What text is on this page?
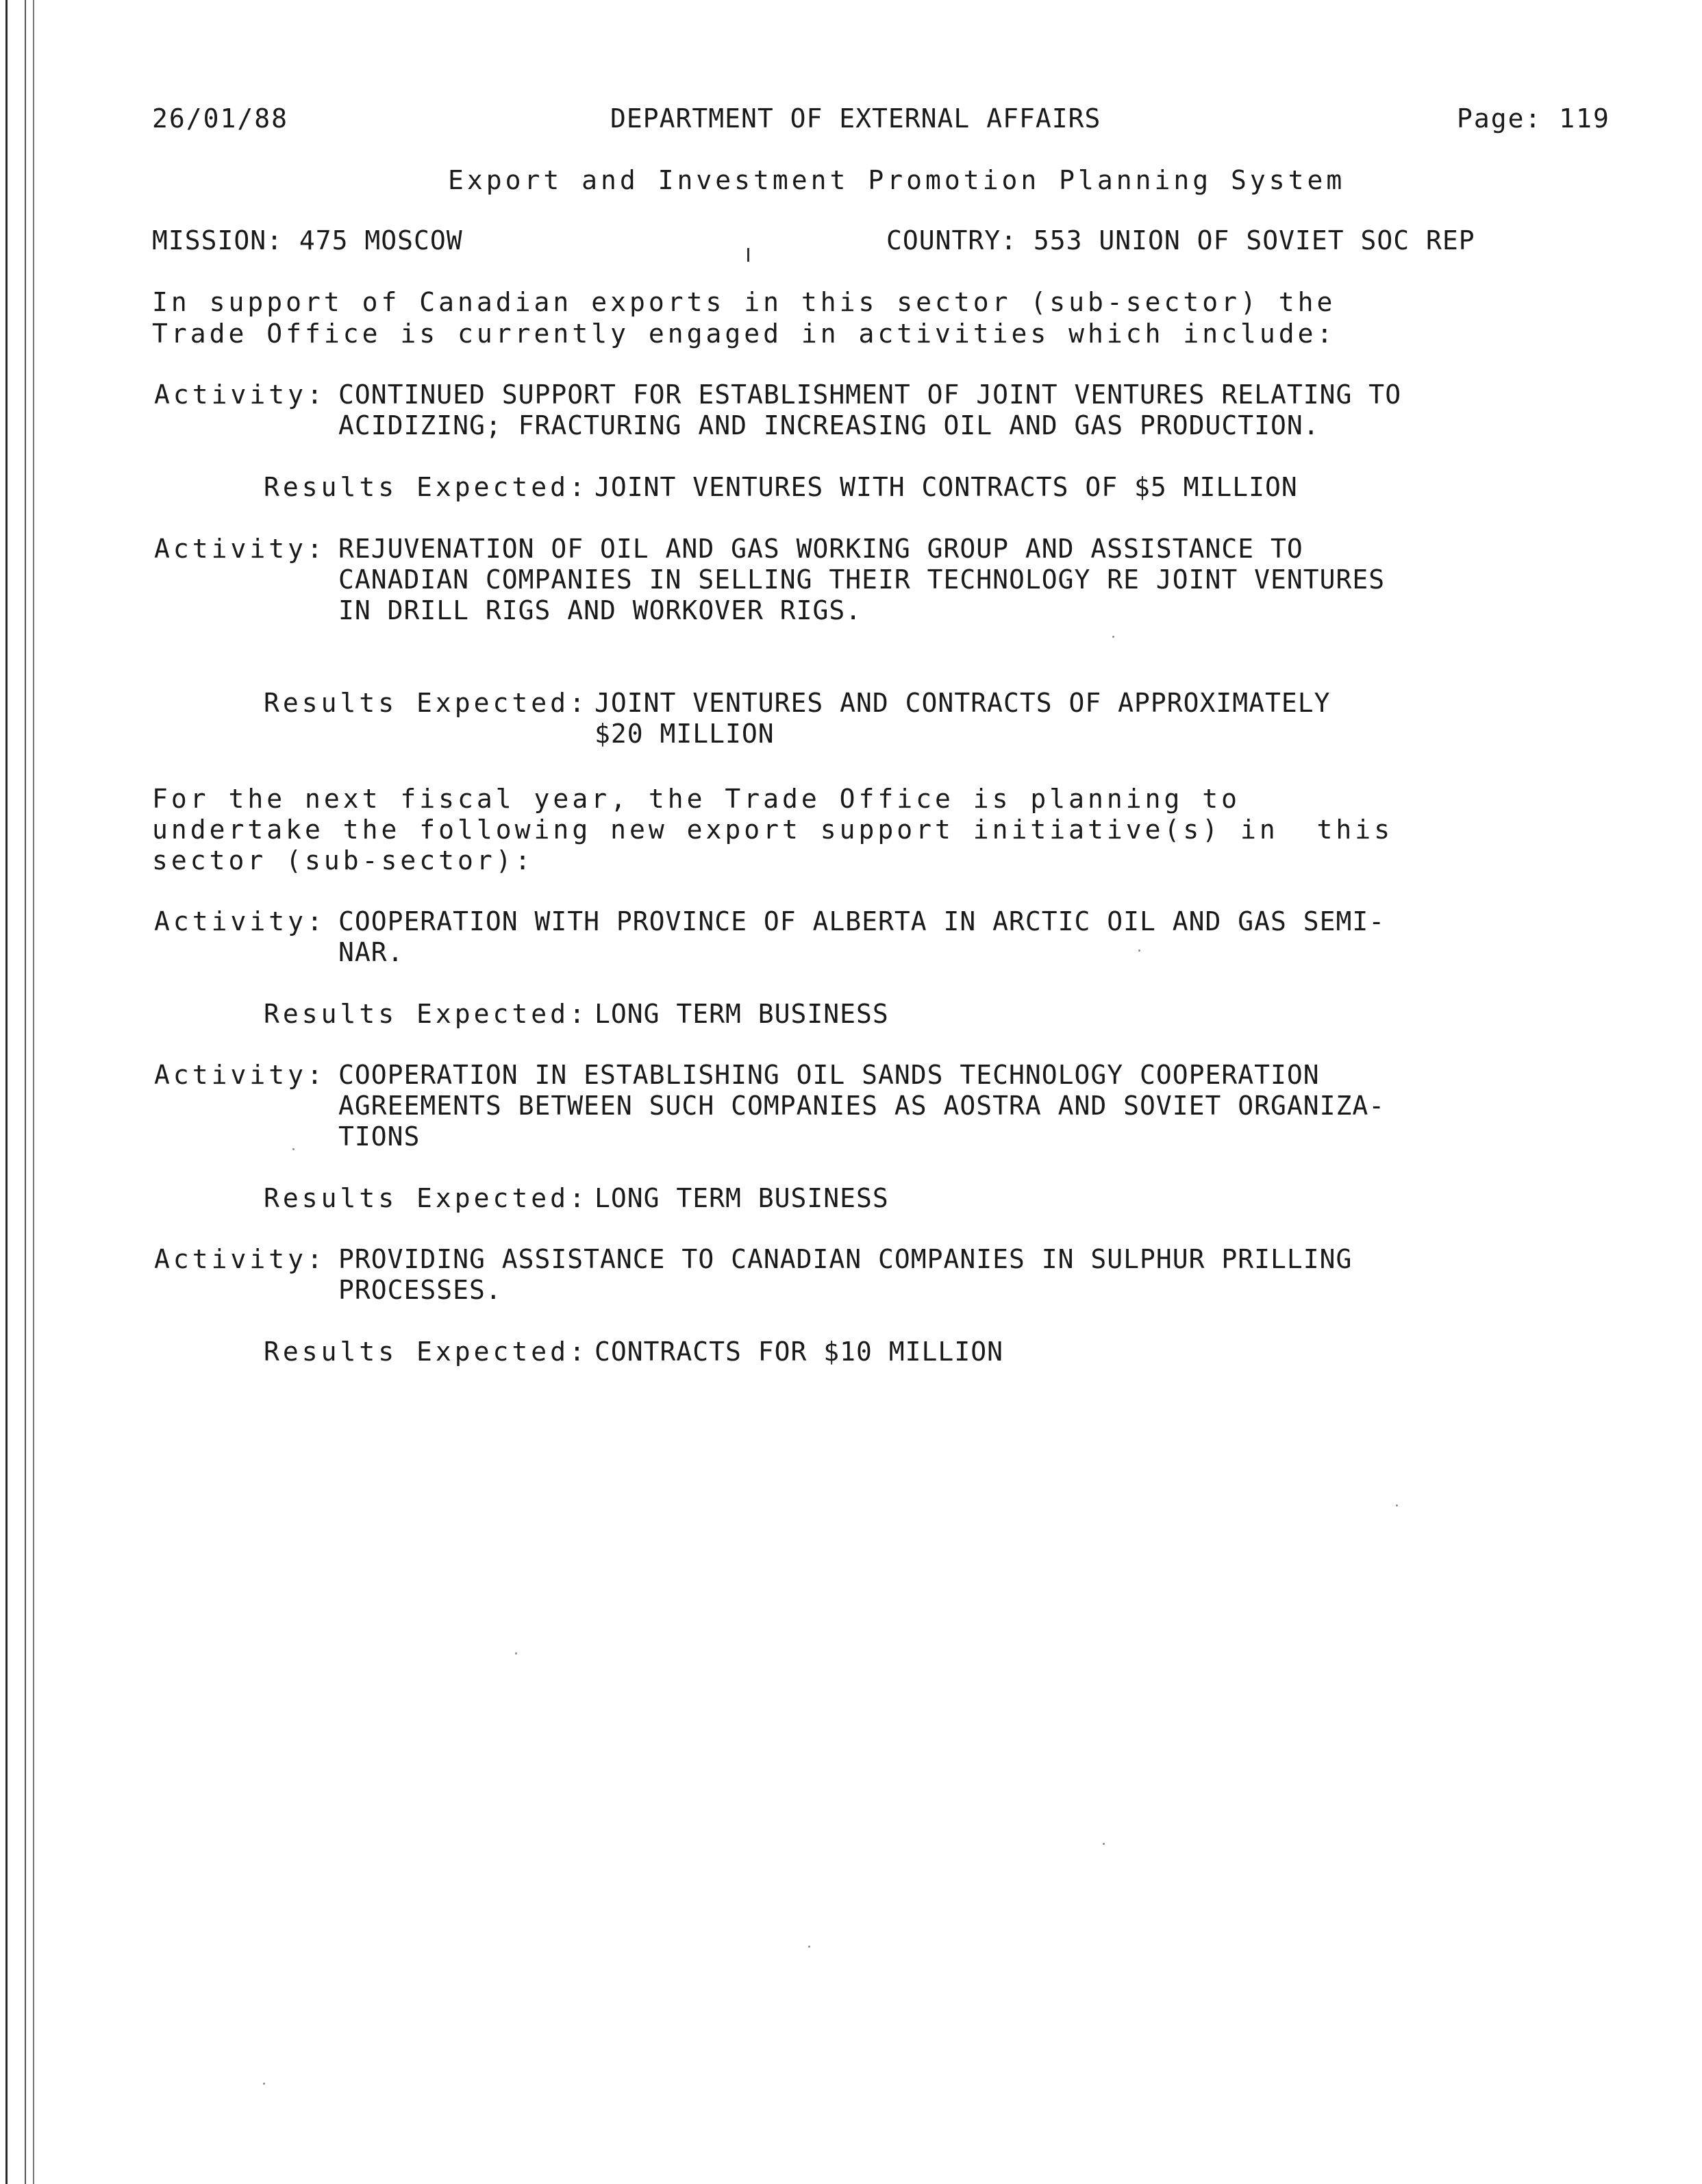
26/01/88	DEPARTMENT OF EXTERNAL AFFAIRS	Page: 119
Export and Investment Promotion Planning System
MISSION: 475 MOSCOW	COUNTRY: 553 UNION OF SOVIET SOC REP
In support of Canadian exports in this sector (sub-sector) the
Trade Office is currently engaged in activities which include:
Activity: CONTINUED SUPPORT FOR ESTABLISHMENT OF JOINT VENTURES RELATING TO
ACIDIZING; FRACTURING AND INCREASING OIL AND GAS PRODUCTION.
Results Expected: JOINT VENTURES WITH CONTRACTS OF $5 MILLION
Activity: REJUVENATION OF OIL AND GAS WORKING GROUP AND ASSISTANCE TO
CANADIAN COMPANIES IN SELLING THEIR TECHNOLOGY RE JOINT VENTURES
IN DRILL RIGS AND WORKOVER RIGS.
Results Expected: JOINT VENTURES AND CONTRACTS OF APPROXIMATELY
$20 MILLION
For the next fiscal year, the Trade Office is planning to
undertake the following new export support initiative(s) in  this
sector (sub-sector):
Activity: COOPERATION WITH PROVINCE OF ALBERTA IN ARCTIC OIL AND GAS SEMI-
NAR.
Results Expected: LONG TERM BUSINESS
Activity: COOPERATION IN ESTABLISHING OIL SANDS TECHNOLOGY COOPERATION
AGREEMENTS BETWEEN SUCH COMPANIES AS AOSTRA AND SOVIET ORGANIZA-
TIONS
Results Expected: LONG TERM BUSINESS
Activity: PROVIDING ASSISTANCE TO CANADIAN COMPANIES IN SULPHUR PRILLING
PROCESSES.
Results Expected: CONTRACTS FOR $10 MILLION
